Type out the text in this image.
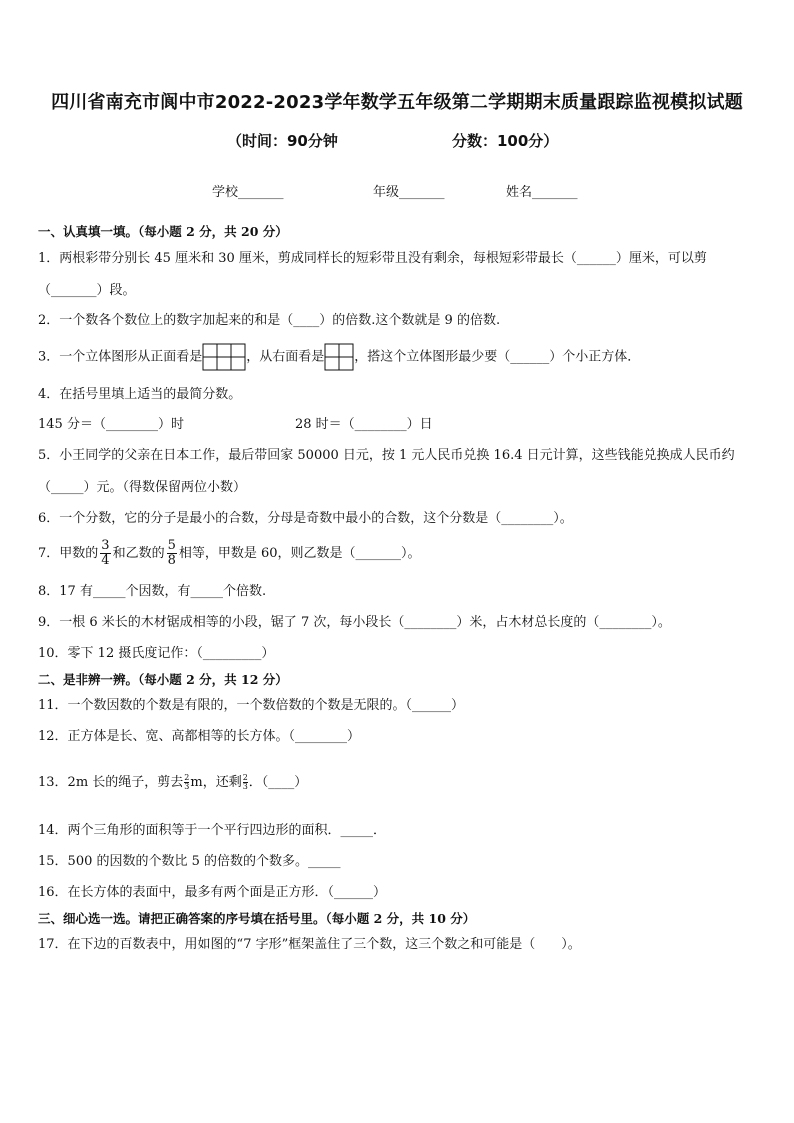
四川省南充市阆中市2022-2023学年数学五年级第二学期期末质量跟踪监视模拟试题
（时间：90分钟	分数：100分）
学校_______	年级_______	姓名_______
一、认真填一填。（每小题 2 分，共 20 分）
1．两根彩带分别长 45 厘米和 30 厘米，剪成同样长的短彩带且没有剩余，每根短彩带最长（______）厘米，可以剪
（_______）段。
2．一个数各个数位上的数字加起来的和是（____）的倍数.这个数就是 9 的倍数.
3．一个立体图形从正面看是	，从右面看是 ，搭这个立体图形最少要（______）个小正方体．
4．在括号里填上适当的最简分数。
145 分＝（________）时	28 时＝（________）日
5．小王同学的父亲在日本工作，最后带回家 50000 日元，按 1 元人民币兑换 16.4 日元计算，这些钱能兑换成人民币约
（_____）元。（得数保留两位小数）
6．一个分数，它的分子是最小的合数，分母是奇数中最小的合数，这个分数是（________）。
7．甲数的 $\frac{3}{4}$ 和乙数的 $\frac{5}{8}$ 相等，甲数是 60，则乙数是（_______）。
8．17 有_____个因数，有_____个倍数.
9．一根 6 米长的木材锯成相等的小段，锯了 7 次，每小段长（________）米，占木材总长度的（________）。
10．零下 12 摄氏度记作：（_________）
二、是非辨一辨。（每小题 2 分，共 12 分）
11．一个数因数的个数是有限的，一个数倍数的个数是无限的。（______）
12．正方体是长、宽、高都相等的长方体。（________）
13．2m 长的绳子，剪去 $\frac{2}{3}$ m，还剩 $\frac{2}{3}$ ．（____）
14．两个三角形的面积等于一个平行四边形的面积．_____．
15．500 的因数的个数比 5 的倍数的个数多。_____
16．在长方体的表面中，最多有两个面是正方形．（______）
三、细心选一选。请把正确答案的序号填在括号里。（每小题 2 分，共 10 分）
17．在下边的百数表中，用如图的“7 字形”框架盖住了三个数，这三个数之和可能是（　　）。
